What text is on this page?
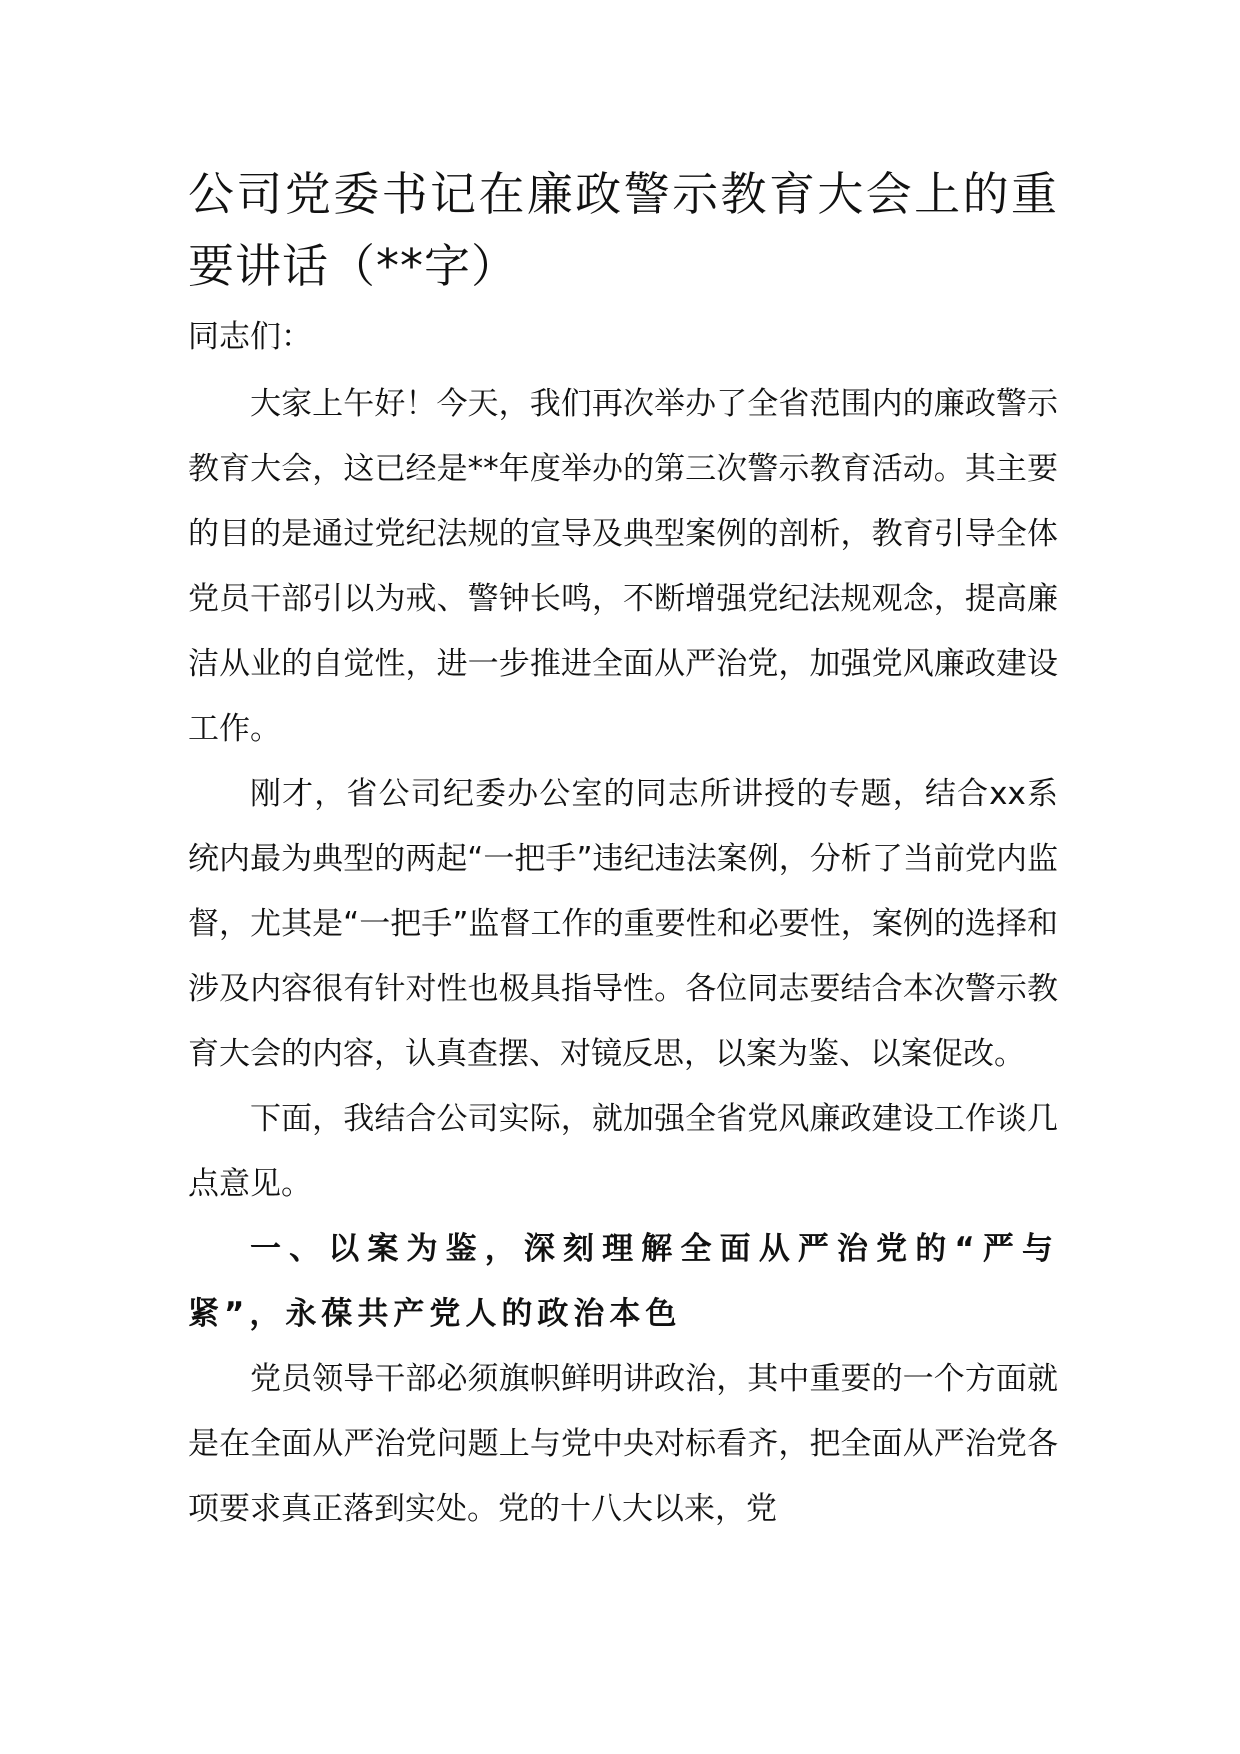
公司党委书记在廉政警示教育大会上的重要讲话（**字）

同志们：

大家上午好！今天，我们再次举办了全省范围内的廉政警示教育大会，这已经是**年度举办的第三次警示教育活动。其主要的目的是通过党纪法规的宣导及典型案例的剖析，教育引导全体党员干部引以为戒、警钟长鸣，不断增强党纪法规观念，提高廉洁从业的自觉性，进一步推进全面从严治党，加强党风廉政建设工作。

刚才，省公司纪委办公室的同志所讲授的专题，结合xx系统内最为典型的两起“一把手”违纪违法案例，分析了当前党内监督，尤其是“一把手”监督工作的重要性和必要性，案例的选择和涉及内容很有针对性也极具指导性。各位同志要结合本次警示教育大会的内容，认真查摆、对镜反思，以案为鉴、以案促改。

下面，我结合公司实际，就加强全省党风廉政建设工作谈几点意见。

一、以案为鉴，深刻理解全面从严治党的“严与紧”，永葆共产党人的政治本色

党员领导干部必须旗帜鲜明讲政治，其中重要的一个方面就是在全面从严治党问题上与党中央对标看齐，把全面从严治党各项要求真正落到实处。党的十八大以来，党
